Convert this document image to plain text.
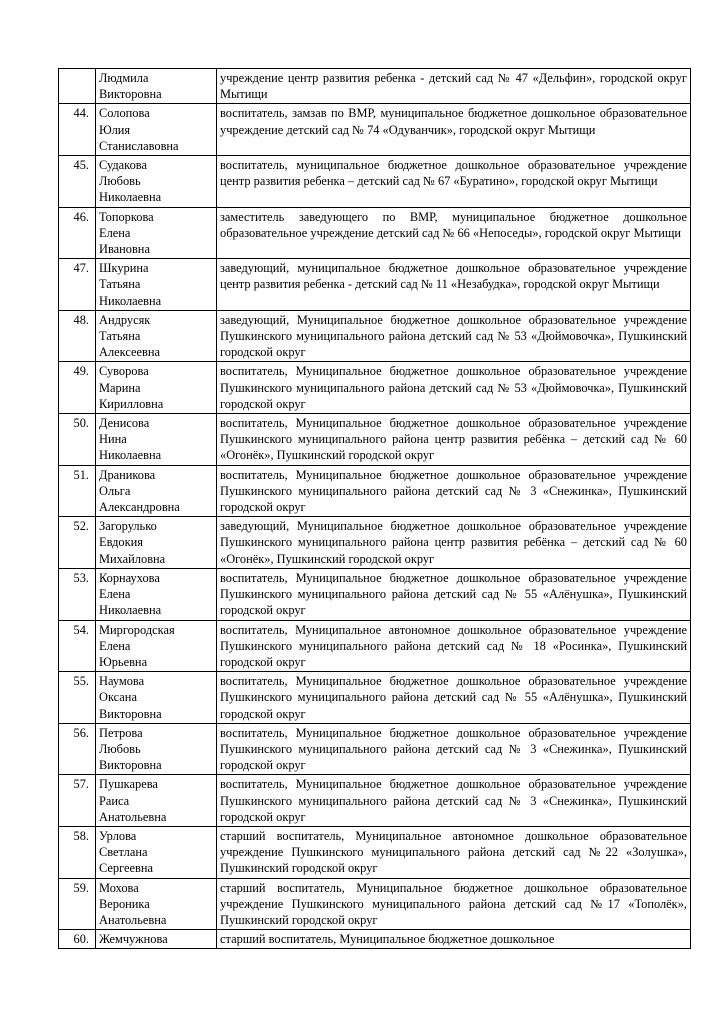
	Людмила
Викторовна	учреждение центр развития ребенка - детский сад № 47 «Дельфин», городской округ Мытищи
44.	Солопова
Юлия
Станиславовна	воспитатель, замзав по ВМР, муниципальное бюджетное дошкольное образовательное учреждение детский сад № 74 «Одуванчик», городской округ Мытищи
45.	Судакова
Любовь
Николаевна	воспитатель, муниципальное бюджетное дошкольное образовательное учреждение центр развития ребенка – детский сад № 67 «Буратино», городской округ Мытищи
46.	Топоркова
Елена
Ивановна	заместитель заведующего по ВМР, муниципальное бюджетное дошкольное образовательное учреждение детский сад № 66 «Непоседы», городской округ Мытищи
47.	Шкурина
Татьяна
Николаевна	заведующий, муниципальное бюджетное дошкольное образовательное учреждение центр развития ребенка - детский сад № 11 «Незабудка», городской округ Мытищи
48.	Андрусяк
Татьяна
Алексеевна	заведующий, Муниципальное бюджетное дошкольное образовательное учреждение Пушкинского муниципального района детский сад № 53 «Дюймовочка», Пушкинский городской округ
49.	Суворова
Марина
Кирилловна	воспитатель, Муниципальное бюджетное дошкольное образовательное учреждение Пушкинского муниципального района детский сад № 53 «Дюймовочка», Пушкинский городской округ
50.	Денисова
Нина
Николаевна	воспитатель, Муниципальное бюджетное дошкольное образовательное учреждение Пушкинского муниципального района центр развития ребёнка – детский сад № 60 «Огонёк», Пушкинский городской округ
51.	Драникова
Ольга
Александровна	воспитатель, Муниципальное бюджетное дошкольное образовательное учреждение Пушкинского муниципального района детский сад № 3 «Снежинка», Пушкинский городской округ
52.	Загорулько
Евдокия
Михайловна	заведующий, Муниципальное бюджетное дошкольное образовательное учреждение Пушкинского муниципального района центр развития ребёнка – детский сад № 60 «Огонёк», Пушкинский городской округ
53.	Корнаухова
Елена
Николаевна	воспитатель, Муниципальное бюджетное дошкольное образовательное учреждение Пушкинского муниципального района детский сад № 55 «Алёнушка», Пушкинский городской округ
54.	Миргородская
Елена
Юрьевна	воспитатель, Муниципальное автономное дошкольное образовательное учреждение Пушкинского муниципального района детский сад № 18 «Росинка», Пушкинский городской округ
55.	Наумова
Оксана
Викторовна	воспитатель, Муниципальное бюджетное дошкольное образовательное учреждение Пушкинского муниципального района детский сад № 55 «Алёнушка», Пушкинский городской округ
56.	Петрова
Любовь
Викторовна	воспитатель, Муниципальное бюджетное дошкольное образовательное учреждение Пушкинского муниципального района детский сад № 3 «Снежинка», Пушкинский городской округ
57.	Пушкарева
Раиса
Анатольевна	воспитатель, Муниципальное бюджетное дошкольное образовательное учреждение Пушкинского муниципального района детский сад № 3 «Снежинка», Пушкинский городской округ
58.	Урлова
Светлана
Сергеевна	старший воспитатель, Муниципальное автономное дошкольное образовательное учреждение Пушкинского муниципального района детский сад №22 «Золушка», Пушкинский городской округ
59.	Мохова
Вероника
Анатольевна	старший воспитатель, Муниципальное бюджетное дошкольное образовательное учреждение Пушкинского муниципального района детский сад №17 «Тополёк», Пушкинский городской округ
60.	Жемчужнова	старший воспитатель, Муниципальное бюджетное дошкольное
